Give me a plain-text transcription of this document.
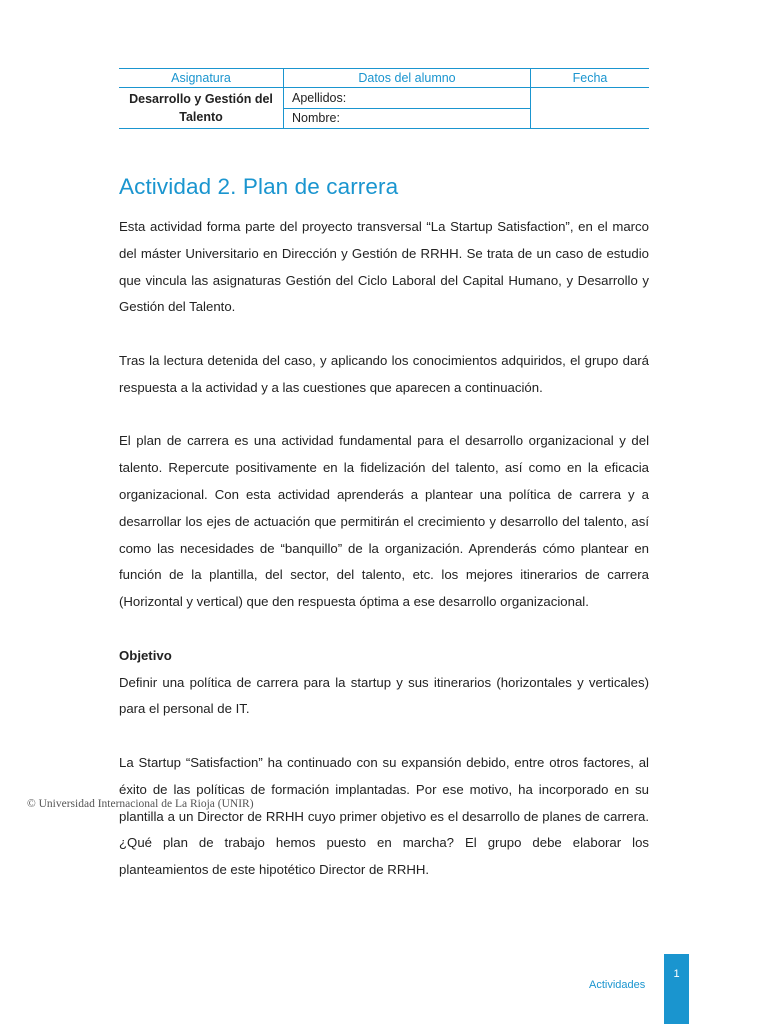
Asignatura	Datos del alumno	Fecha
Desarrollo y Gestión del Talento	Apellidos:	
	Nombre:	
Actividad 2. Plan de carrera

Esta actividad forma parte del proyecto transversal “La Startup Satisfaction”, en el marco del máster Universitario en Dirección y Gestión de RRHH. Se trata de un caso de estudio que vincula las asignaturas Gestión del Ciclo Laboral del Capital Humano, y Desarrollo y Gestión del Talento.

Tras la lectura detenida del caso, y aplicando los conocimientos adquiridos, el grupo dará respuesta a la actividad y a las cuestiones que aparecen a continuación.

El plan de carrera es una actividad fundamental para el desarrollo organizacional y del talento. Repercute positivamente en la fidelización del talento, así como en la eficacia organizacional. Con esta actividad aprenderás a plantear una política de carrera y a desarrollar los ejes de actuación que permitirán el crecimiento y desarrollo del talento, así como las necesidades de “banquillo” de la organización. Aprenderás cómo plantear en función de la plantilla, del sector, del talento, etc. los mejores itinerarios de carrera (Horizontal y vertical) que den respuesta óptima a ese desarrollo organizacional.

Objetivo

Definir una política de carrera para la startup y sus itinerarios (horizontales y verticales) para el personal de IT.

La Startup “Satisfaction” ha continuado con su expansión debido, entre otros factores, al éxito de las políticas de formación implantadas. Por ese motivo, ha incorporado en su plantilla a un Director de RRHH cuyo primer objetivo es el desarrollo de planes de carrera. ¿Qué plan de trabajo hemos puesto en marcha? El grupo debe elaborar los planteamientos de este hipotético Director de RRHH.

© Universidad Internacional de La Rioja (UNIR)
Actividades
1
